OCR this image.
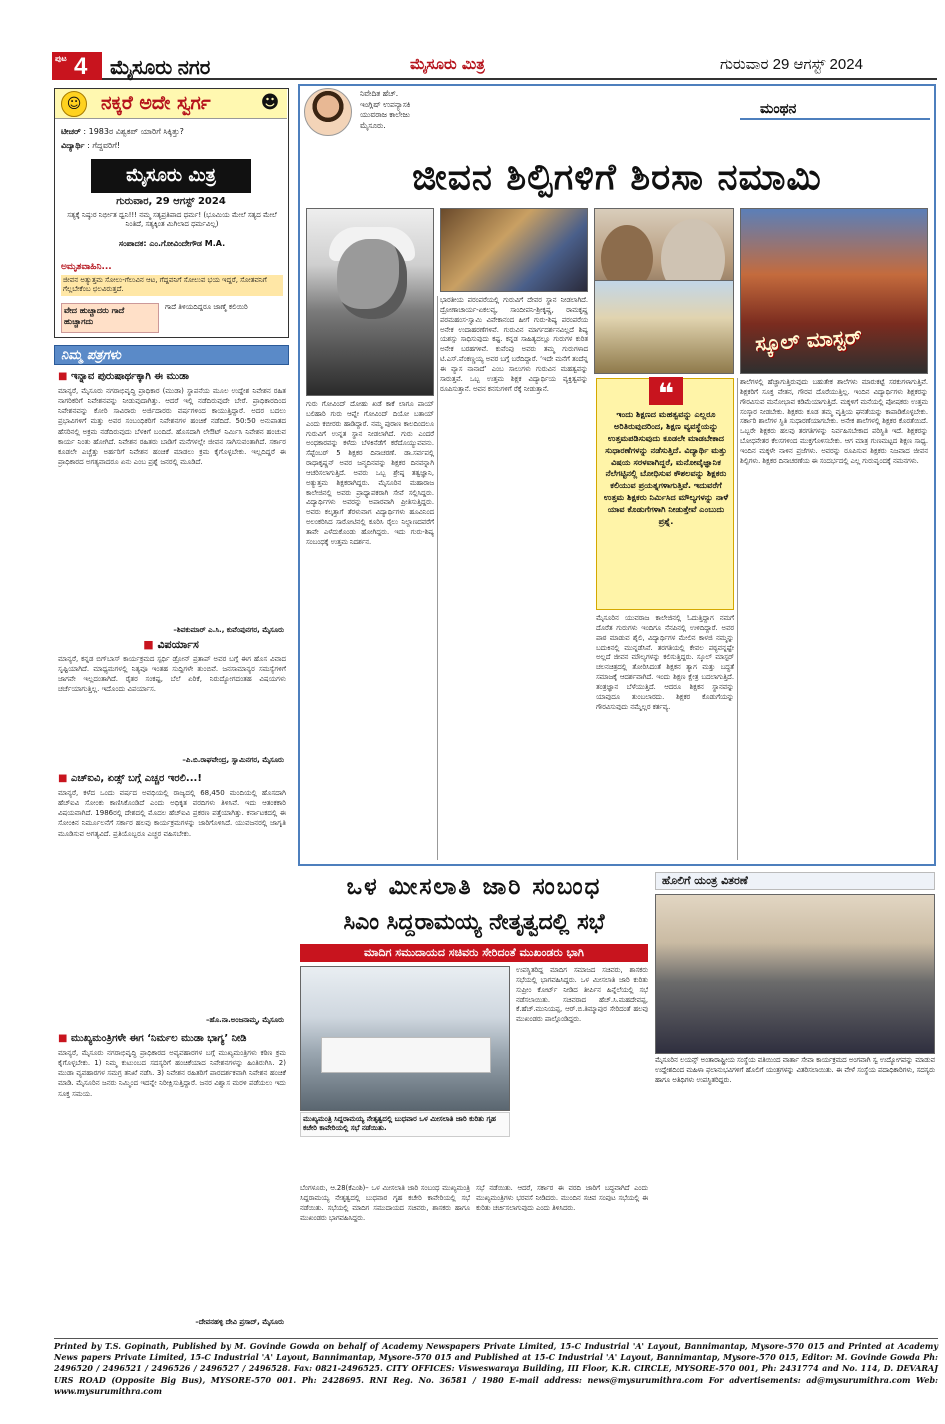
ಪುಟ 4 ಮೈಸೂರು ನಗರ	ಮೈಸೂರು ಮಿತ್ರ	ಗುರುವಾರ 29 ಆಗಸ್ಟ್ 2024
☺	ನಕ್ಕರೆ ಅದೇ ಸ್ವರ್ಗ	☻
ಟೀಚರ್ : 1983ರ ವಿಶ್ವಕಪ್ ಯಾರಿಗೆ ಸಿಕ್ಕಿತ್ತು?
ವಿದ್ಯಾರ್ಥಿ : ಗೆದ್ದವರಿಗೆ!
ಮೈಸೂರು ಮಿತ್ರ
ಗುರುವಾರ, 29 ಆಗಸ್ಟ್ 2024
ಸತ್ಯಕ್ಕೆ ನಿಷ್ಠುರ ನಿರ್ಭೀತ ಧ್ವನಿ!!! ನಮ್ಮ ಸತ್ಯಪ್ರತಿಪಾದ ಧರ್ಮ! (ಭೂಮಿಯ ಮೇಲೆ ಸತ್ಯದ ಮೇಲೆ ನಿಂತಿದೆ, ಸತ್ಯಕ್ಕಿಂತ ಮಿಗಿಲಾದ ಧರ್ಮವಿಲ್ಲ)
ಸಂಪಾದಕ: ಎಂ.ಗೋವಿಂದೇಗೌಡ M.A.
ಅಮೃತವಾಹಿನಿ...
ಜೀವನ ಅತ್ಯುತ್ತಮ ಸೋಲು-ಗೆಲುವಿನ ಆಟ, ಗೆದ್ದವನಿಗೆ ಸೋಲುವ ಭಯ ಇದ್ದರೆ, ಸೋತವನಿಗೆ ಗೆಲ್ಲಬೇಕೆಂಬ ಛಲವಿರುತ್ತದೆ.
ವೇದ ಹುಚ್ಚಾದರು ಗಾದೆ ಹುಚ್ಚಾಗದು
ಗಾದೆ ತಿಳಿಯದಿದ್ದರೂ ಜಾಣ್ಮೆ ಕಲಿಯಿರಿ
ನಿಮ್ಮ ಪತ್ರಗಳು
■ ಇನ್ನಾವ ಪುರುಷಾರ್ಥಕ್ಕಾಗಿ ಈ ಮುಡಾ
ಮಾನ್ಯರೆ, ಮೈಸೂರು ನಗರಾಭಿವೃದ್ಧಿ ಪ್ರಾಧಿಕಾರ (ಮುಡಾ) ಸ್ಥಾಪನೆಯ ಮೂಲ ಉದ್ದೇಶ ನಿವೇಶನ ರಹಿತ ನಾಗರಿಕರಿಗೆ ನಿವೇಶನವನ್ನು ನೀಡುವುದಾಗಿತ್ತು. ಆದರೆ ಇಲ್ಲಿ ನಡೆದಿರುವುದೇ ಬೇರೆ. ಪ್ರಾಧಿಕಾರದಿಂದ ನಿವೇಶನವನ್ನು ಕೋರಿ ಸಾವಿರಾರು ಅರ್ಜಿದಾರರು ವರ್ಷಗಳಿಂದ ಕಾಯುತ್ತಿದ್ದಾರೆ. ಅದರ ಬದಲು ಪ್ರಭಾವಿಗಳಿಗೆ ಮತ್ತು ಅವರ ಸಂಬಂಧಿಕರಿಗೆ ನಿವೇಶನಗಳ ಹಂಚಿಕೆ ನಡೆದಿದೆ. 50:50 ಅನುಪಾತದ ಹೆಸರಿನಲ್ಲಿ ಅಕ್ರಮ ನಡೆದಿರುವುದು ಬೆಳಕಿಗೆ ಬಂದಿದೆ. ಹೊಸದಾಗಿ ಲೇಔಟ್ ನಿರ್ಮಿಸಿ ನಿವೇಶನ ಹಂಚುವ ಕಾರ್ಯ ನಿಂತು ಹೋಗಿದೆ. ನಿವೇಶನ ರಹಿತರು ಬಾಡಿಗೆ ಮನೆಗಳಲ್ಲೇ ಜೀವನ ಸಾಗಿಸುವಂತಾಗಿದೆ. ಸರ್ಕಾರ ಕೂಡಲೇ ಎಚ್ಚೆತ್ತು ಅರ್ಹರಿಗೆ ನಿವೇಶನ ಹಂಚಿಕೆ ಮಾಡಲು ಕ್ರಮ ಕೈಗೊಳ್ಳಬೇಕು. ಇಲ್ಲದಿದ್ದರೆ ಈ ಪ್ರಾಧಿಕಾರದ ಅಗತ್ಯವಾದರೂ ಏನು ಎಂಬ ಪ್ರಶ್ನೆ ಜನರಲ್ಲಿ ಮೂಡಿದೆ.
–ಶಿವಕುಮಾರ್ ಎ.ಸಿ., ಕುವೆಂಪುನಗರ, ಮೈಸೂರು
■ ವಿಪರ್ಯಾಸ
ಮಾನ್ಯರೆ, ಕನ್ನಡ ಬಿಗ್‌ಬಾಸ್ ಕಾರ್ಯಕ್ರಮದ ಸ್ಪರ್ಧಿ ಡ್ರೋನ್ ಪ್ರತಾಪ್ ಅವರ ಬಗ್ಗೆ ಈಗ ಹೊಸ ವಿವಾದ ಸೃಷ್ಟಿಯಾಗಿದೆ. ಮಾಧ್ಯಮಗಳಲ್ಲಿ ನಿತ್ಯವೂ ಇಂತಹ ಸುದ್ದಿಗಳೇ ತುಂಬಿವೆ. ಜನಸಾಮಾನ್ಯರ ಸಮಸ್ಯೆಗಳಿಗೆ ಜಾಗವೇ ಇಲ್ಲದಂತಾಗಿದೆ. ರೈತರ ಸಂಕಷ್ಟ, ಬೆಲೆ ಏರಿಕೆ, ನಿರುದ್ಯೋಗದಂತಹ ವಿಷಯಗಳು ಚರ್ಚೆಯಾಗುತ್ತಿಲ್ಲ. ಇದೊಂದು ವಿಪರ್ಯಾಸ.
–ಪಿ.ಬಿ.ರಾಘವೇಂದ್ರ, ಸ್ವಾಮಿನಗರ, ಮೈಸೂರು
■ ಎಚ್‌ಐವಿ, ಏಡ್ಸ್ ಬಗ್ಗೆ ಎಚ್ಚರ ಇರಲಿ...!
ಮಾನ್ಯರೆ, ಕಳೆದ ಒಂದು ವರ್ಷದ ಅವಧಿಯಲ್ಲಿ ರಾಜ್ಯದಲ್ಲಿ 68,450 ಮಂದಿಯಲ್ಲಿ ಹೊಸದಾಗಿ ಹೆಚ್‌ಐವಿ ಸೋಂಕು ಕಾಣಿಸಿಕೊಂಡಿದೆ ಎಂದು ಅಧಿಕೃತ ವರದಿಗಳು ತಿಳಿಸಿವೆ. ಇದು ಆತಂಕಕಾರಿ ವಿಷಯವಾಗಿದೆ. 1986ರಲ್ಲಿ ದೇಶದಲ್ಲಿ ಮೊದಲ ಹೆಚ್‌ಐವಿ ಪ್ರಕರಣ ಪತ್ತೆಯಾಗಿತ್ತು. ಕರ್ನಾಟಕದಲ್ಲಿ ಈ ಸೋಂಕಿನ ನಿರ್ಮೂಲನೆಗೆ ಸರ್ಕಾರ ಹಲವು ಕಾರ್ಯಕ್ರಮಗಳನ್ನು ಜಾರಿಗೊಳಿಸಿದೆ. ಯುವಜನರಲ್ಲಿ ಜಾಗೃತಿ ಮೂಡಿಸುವ ಅಗತ್ಯವಿದೆ. ಪ್ರತಿಯೊಬ್ಬರೂ ಎಚ್ಚರ ವಹಿಸಬೇಕು.
–ಹೊ.ನಾ.ಅಂಜನಾಮ್ಮ, ಮೈಸೂರು
■ ಮುಖ್ಯಮಂತ್ರಿಗಳೇ ಈಗ ‘ನಿರ್ಮಲ ಮುಡಾ ಭಾಗ್ಯ’ ನೀಡಿ
ಮಾನ್ಯರೆ, ಮೈಸೂರು ನಗರಾಭಿವೃದ್ಧಿ ಪ್ರಾಧಿಕಾರದ ಅವ್ಯವಹಾರಗಳ ಬಗ್ಗೆ ಮುಖ್ಯಮಂತ್ರಿಗಳು ಕಠಿಣ ಕ್ರಮ ಕೈಗೊಳ್ಳಬೇಕು. 1) ನಿಮ್ಮ ಕುಟುಂಬದ ಸದಸ್ಯರಿಗೆ ಹಂಚಿಕೆಯಾದ ನಿವೇಶನಗಳನ್ನು ಹಿಂತಿರುಗಿಸಿ. 2) ಮುಡಾ ವ್ಯವಹಾರಗಳ ಸಮಗ್ರ ತನಿಖೆ ನಡೆಸಿ. 3) ನಿವೇಶನ ರಹಿತರಿಗೆ ಪಾರದರ್ಶಕವಾಗಿ ನಿವೇಶನ ಹಂಚಿಕೆ ಮಾಡಿ. ಮೈಸೂರಿನ ಜನರು ನಿಮ್ಮಿಂದ ಇದನ್ನೇ ನಿರೀಕ್ಷಿಸುತ್ತಿದ್ದಾರೆ. ಜನರ ವಿಶ್ವಾಸ ಮರಳಿ ಪಡೆಯಲು ಇದು ಸೂಕ್ತ ಸಮಯ.
–ದೇವನಹಳ್ಳಿ ದೇವಿ ಪ್ರಸಾದ್, ಮೈಸೂರು
ನಿವೇದಿತ ಹೆಚ್.
ಇಂಗ್ಲಿಷ್ ಉಪನ್ಯಾಸಕಿ
ಯುವರಾಜ ಕಾಲೇಜು
ಮೈಸೂರು.
ಮಂಥನ
ಜೀವನ ಶಿಲ್ಪಿಗಳಿಗೆ ಶಿರಸಾ ನಮಾಮಿ
ಸ್ಕೂಲ್ ಮಾಸ್ಟರ್
ಗುರು ಗೋವಿಂದ್ ದೋಹು ಖಡೆ ಕಾಕೆ ಲಾಗೂ ಪಾಯ್ ಬಲಿಹಾರಿ ಗುರು ಆಪ್ನೇ ಗೋವಿಂದ್ ದಿಯೋ ಬತಾಯ್ ಎಂದು ಕಬೀರರು ಹಾಡಿದ್ದಾರೆ. ನಮ್ಮ ಪುರಾಣ ಕಾಲದಿಂದಲೂ ಗುರುವಿಗೆ ಉನ್ನತ ಸ್ಥಾನ ನೀಡಲಾಗಿದೆ. ಗುರು ಎಂದರೆ ಅಂಧಕಾರವನ್ನು ಕಳೆದು ಬೆಳಕಿನೆಡೆಗೆ ಕರೆದೊಯ್ಯುವವನು. ಸೆಪ್ಟೆಂಬರ್ 5 ಶಿಕ್ಷಕರ ದಿನಾಚರಣೆ. ಡಾ.ಸರ್ವಪಲ್ಲಿ ರಾಧಾಕೃಷ್ಣನ್ ಅವರ ಜನ್ಮದಿನವನ್ನು ಶಿಕ್ಷಕರ ದಿನವನ್ನಾಗಿ ಆಚರಿಸಲಾಗುತ್ತಿದೆ. ಅವರು ಒಬ್ಬ ಶ್ರೇಷ್ಠ ತತ್ವಜ್ಞಾನಿ, ಅತ್ಯುತ್ತಮ ಶಿಕ್ಷಕರಾಗಿದ್ದರು. ಮೈಸೂರಿನ ಮಹಾರಾಜ ಕಾಲೇಜಿನಲ್ಲಿ ಅವರು ಪ್ರಾಧ್ಯಾಪಕರಾಗಿ ಸೇವೆ ಸಲ್ಲಿಸಿದ್ದರು. ವಿದ್ಯಾರ್ಥಿಗಳು ಅವರನ್ನು ಅಪಾರವಾಗಿ ಪ್ರೀತಿಸುತ್ತಿದ್ದರು. ಅವರು ಕಲ್ಕತ್ತಾಗೆ ತೆರಳುವಾಗ ವಿದ್ಯಾರ್ಥಿಗಳು ಹೂವಿನಿಂದ ಅಲಂಕರಿಸಿದ ಸಾರೋಟಿನಲ್ಲಿ ಕೂರಿಸಿ ರೈಲು ನಿಲ್ದಾಣದವರೆಗೆ ತಾವೇ ಎಳೆದುಕೊಂಡು ಹೋಗಿದ್ದರು. ಇದು ಗುರು-ಶಿಷ್ಯ ಸಂಬಂಧಕ್ಕೆ ಉತ್ತಮ ನಿದರ್ಶನ.
ಭಾರತೀಯ ಪರಂಪರೆಯಲ್ಲಿ ಗುರುವಿಗೆ ದೇವರ ಸ್ಥಾನ ನೀಡಲಾಗಿದೆ. ದ್ರೋಣಾಚಾರ್ಯ-ಏಕಲವ್ಯ, ಸಾಂದೀಪನಿ-ಶ್ರೀಕೃಷ್ಣ, ರಾಮಕೃಷ್ಣ ಪರಮಹಂಸ-ಸ್ವಾಮಿ ವಿವೇಕಾನಂದ ಹೀಗೆ ಗುರು-ಶಿಷ್ಯ ಪರಂಪರೆಯ ಅನೇಕ ಉದಾಹರಣೆಗಳಿವೆ. ಗುರುವಿನ ಮಾರ್ಗದರ್ಶನವಿಲ್ಲದೆ ಶಿಷ್ಯ ಯಶಸ್ಸು ಸಾಧಿಸುವುದು ಕಷ್ಟ. ಕನ್ನಡ ಸಾಹಿತ್ಯದಲ್ಲೂ ಗುರುಗಳ ಕುರಿತ ಅನೇಕ ಬರಹಗಳಿವೆ. ಕುವೆಂಪು ಅವರು ತಮ್ಮ ಗುರುಗಳಾದ ಟಿ.ಎಸ್.ವೆಂಕಣ್ಣಯ್ಯ ಅವರ ಬಗ್ಗೆ ಬರೆದಿದ್ದಾರೆ. ‘ಇದೇ ಮನೆಗೆ ತಂದೆನ್ನ ಈ ವ್ಯಾಸ ನಾನಾದೆ’ ಎಂಬ ಸಾಲುಗಳು ಗುರುವಿನ ಮಹತ್ವವನ್ನು ಸಾರುತ್ತವೆ. ಒಬ್ಬ ಉತ್ತಮ ಶಿಕ್ಷಕ ವಿದ್ಯಾರ್ಥಿಯ ವ್ಯಕ್ತಿತ್ವವನ್ನು ರೂಪಿಸುತ್ತಾನೆ. ಅವನ ಕನಸುಗಳಿಗೆ ರೆಕ್ಕೆ ನೀಡುತ್ತಾನೆ.	❝
ಇಂದು ಶಿಕ್ಷಣದ ಮಹತ್ವವನ್ನು ಎಲ್ಲರೂ ಅರಿತಿರುವುದರಿಂದ, ಶಿಕ್ಷಣ ವ್ಯವಸ್ಥೆಯನ್ನು ಉತ್ತಮಪಡಿಸುವುದು ಕೂಡಲೇ ಮಾಡಬೇಕಾದ ಸುಧಾರಣೆಗಳನ್ನು ನಡೆಸುತ್ತಿದೆ. ವಿದ್ಯಾರ್ಥಿ ಮತ್ತು ವಿಷಯ ಸರಳವಾಗಿದ್ದರೆ, ಮನೋವೈಜ್ಞಾನಿಕ ನೆಲೆಗಟ್ಟಿನಲ್ಲಿ ಬೋಧಿಸುವ ಕೌಶಲವನ್ನು ಶಿಕ್ಷಕರು ಕಲಿಯುವ ಪ್ರಯತ್ನಗಳಾಗುತ್ತಿವೆ. ಇದುವರೆಗೆ ಉತ್ತಮ ಶಿಕ್ಷಕರು ನಿರ್ಮಿಸಿದ ಮೌಲ್ಯಗಳನ್ನು ನಾಳೆ ಯಾವ ಕೊಡುಗೆಗಳಾಗಿ ನೀಡುತ್ತೇವೆ ಎಂಬುದು ಪ್ರಶ್ನೆ.
ಮೈಸೂರಿನ ಯುವರಾಜ ಕಾಲೇಜಿನಲ್ಲಿ ಓದುತ್ತಿದ್ದಾಗ ನಮಗೆ ದೊರೆತ ಗುರುಗಳು ಇಂದಿಗೂ ನೆನಪಿನಲ್ಲಿ ಉಳಿದಿದ್ದಾರೆ. ಅವರ ಪಾಠ ಮಾಡುವ ಶೈಲಿ, ವಿದ್ಯಾರ್ಥಿಗಳ ಮೇಲಿನ ಕಾಳಜಿ ನಮ್ಮನ್ನು ಬದುಕಿನಲ್ಲಿ ಮುನ್ನಡೆಸಿವೆ. ತರಗತಿಯಲ್ಲಿ ಕೇವಲ ಪಠ್ಯವನ್ನಷ್ಟೇ ಅಲ್ಲದೆ ಜೀವನ ಮೌಲ್ಯಗಳನ್ನು ಕಲಿಸುತ್ತಿದ್ದರು. ಸ್ಕೂಲ್ ಮಾಸ್ಟರ್ ಚಲನಚಿತ್ರದಲ್ಲಿ ತೋರಿಸಿದಂತೆ ಶಿಕ್ಷಕನ ತ್ಯಾಗ ಮತ್ತು ಬದ್ಧತೆ ಸಮಾಜಕ್ಕೆ ಆದರ್ಶವಾಗಿದೆ. ಇಂದು ಶಿಕ್ಷಣ ಕ್ಷೇತ್ರ ಬದಲಾಗುತ್ತಿದೆ. ತಂತ್ರಜ್ಞಾನ ಬೆಳೆಯುತ್ತಿದೆ. ಆದರೂ ಶಿಕ್ಷಕನ ಸ್ಥಾನವನ್ನು ಯಾವುದೂ ತುಂಬಲಾರದು. ಶಿಕ್ಷಕರ ಕೊಡುಗೆಯನ್ನು ಗೌರವಿಸುವುದು ನಮ್ಮೆಲ್ಲರ ಕರ್ತವ್ಯ.
ಶಾಲೆಗಳಲ್ಲಿ ಹೆಚ್ಚಾಗುತ್ತಿರುವುದು ಬಹುತೇಕ ಶಾಲೆಗಳು ಮಾರುಕಟ್ಟೆ ಸರಕುಗಳಾಗುತ್ತಿವೆ. ಶಿಕ್ಷಕರಿಗೆ ಸೂಕ್ತ ವೇತನ, ಗೌರವ ದೊರೆಯುತ್ತಿಲ್ಲ. ಇಂದಿನ ವಿದ್ಯಾರ್ಥಿಗಳು ಶಿಕ್ಷಕರನ್ನು ಗೌರವಿಸುವ ಮನೋಭಾವ ಕಡಿಮೆಯಾಗುತ್ತಿದೆ. ಮಕ್ಕಳಿಗೆ ಮನೆಯಲ್ಲಿ ಪೋಷಕರು ಉತ್ತಮ ಸಂಸ್ಕಾರ ನೀಡಬೇಕು. ಶಿಕ್ಷಕರು ಕೂಡ ತಮ್ಮ ವೃತ್ತಿಯ ಘನತೆಯನ್ನು ಕಾಪಾಡಿಕೊಳ್ಳಬೇಕು. ಸರ್ಕಾರಿ ಶಾಲೆಗಳ ಸ್ಥಿತಿ ಸುಧಾರಣೆಯಾಗಬೇಕು. ಅನೇಕ ಶಾಲೆಗಳಲ್ಲಿ ಶಿಕ್ಷಕರ ಕೊರತೆಯಿದೆ. ಒಬ್ಬರೇ ಶಿಕ್ಷಕರು ಹಲವು ತರಗತಿಗಳನ್ನು ನಿರ್ವಹಿಸಬೇಕಾದ ಪರಿಸ್ಥಿತಿ ಇದೆ. ಶಿಕ್ಷಕರನ್ನು ಬೋಧನೇತರ ಕೆಲಸಗಳಿಂದ ಮುಕ್ತಗೊಳಿಸಬೇಕು. ಆಗ ಮಾತ್ರ ಗುಣಮಟ್ಟದ ಶಿಕ್ಷಣ ಸಾಧ್ಯ. ಇಂದಿನ ಮಕ್ಕಳೇ ನಾಳಿನ ಪ್ರಜೆಗಳು. ಅವರನ್ನು ರೂಪಿಸುವ ಶಿಕ್ಷಕರು ನಿಜವಾದ ಜೀವನ ಶಿಲ್ಪಿಗಳು. ಶಿಕ್ಷಕರ ದಿನಾಚರಣೆಯ ಈ ಸಂದರ್ಭದಲ್ಲಿ ಎಲ್ಲ ಗುರುವೃಂದಕ್ಕೆ ನಮನಗಳು.
ಒಳ ಮೀಸಲಾತಿ ಜಾರಿ ಸಂಬಂಧ
ಸಿಎಂ ಸಿದ್ದರಾಮಯ್ಯ ನೇತೃತ್ವದಲ್ಲಿ ಸಭೆ
ಮಾದಿಗ ಸಮುದಾಯದ ಸಚಿವರು ಸೇರಿದಂತೆ ಮುಖಂಡರು ಭಾಗಿ
ಮುಖ್ಯಮಂತ್ರಿ ಸಿದ್ದರಾಮಯ್ಯ ನೇತೃತ್ವದಲ್ಲಿ ಬುಧವಾರ ಒಳ ಮೀಸಲಾತಿ ಜಾರಿ ಕುರಿತು ಗೃಹ ಕಚೇರಿ ಕಾವೇರಿಯಲ್ಲಿ ಸಭೆ ನಡೆಯಿತು.
ಉಪಸ್ಥಿತರಿದ್ದ ಮಾದಿಗ ಸಮಾಜದ ಸಚಿವರು, ಶಾಸಕರು ಸಭೆಯಲ್ಲಿ ಭಾಗವಹಿಸಿದ್ದರು. ಒಳ ಮೀಸಲಾತಿ ಜಾರಿ ಕುರಿತು ಸುಪ್ರೀಂ ಕೋರ್ಟ್ ನೀಡಿದ ತೀರ್ಪಿನ ಹಿನ್ನೆಲೆಯಲ್ಲಿ ಸಭೆ ನಡೆಸಲಾಯಿತು. ಸಚಿವರಾದ ಹೆಚ್.ಸಿ.ಮಹದೇವಪ್ಪ, ಕೆ.ಹೆಚ್.ಮುನಿಯಪ್ಪ, ಆರ್.ಬಿ.ತಿಮ್ಮಾಪುರ ಸೇರಿದಂತೆ ಹಲವು ಮುಖಂಡರು ಪಾಲ್ಗೊಂಡಿದ್ದರು.
ಬೆಂಗಳೂರು, ಆ.28(ಕೆಎಂಶಿ)– ಒಳ ಮೀಸಲಾತಿ ಜಾರಿ ಸಂಬಂಧ ಮುಖ್ಯಮಂತ್ರಿ ಸಿದ್ದರಾಮಯ್ಯ ನೇತೃತ್ವದಲ್ಲಿ ಬುಧವಾರ ಗೃಹ ಕಚೇರಿ ಕಾವೇರಿಯಲ್ಲಿ ಸಭೆ ನಡೆಯಿತು. ಸಭೆಯಲ್ಲಿ ಮಾದಿಗ ಸಮುದಾಯದ ಸಚಿವರು, ಶಾಸಕರು ಹಾಗೂ ಮುಖಂಡರು ಭಾಗವಹಿಸಿದ್ದರು.
ಸಭೆ ನಡೆಯಿತು. ಆದರೆ, ಸರ್ಕಾರ ಈ ವರದಿ ಜಾರಿಗೆ ಬದ್ಧವಾಗಿದೆ ಎಂದು ಮುಖ್ಯಮಂತ್ರಿಗಳು ಭರವಸೆ ನೀಡಿದರು. ಮುಂದಿನ ಸಚಿವ ಸಂಪುಟ ಸಭೆಯಲ್ಲಿ ಈ ಕುರಿತು ಚರ್ಚಿಸಲಾಗುವುದು ಎಂದು ತಿಳಿಸಿದರು.
ಹೊಲಿಗೆ ಯಂತ್ರ ವಿತರಣೆ
ಮೈಸೂರಿನ ಲಯನ್ಸ್ ಅಂತಾರಾಷ್ಟ್ರೀಯ ಸಂಸ್ಥೆಯ ವತಿಯಿಂದ ವಾರ್ತಾ ಸೇವಾ ಕಾರ್ಯಕ್ರಮದ ಅಂಗವಾಗಿ ಸ್ವ ಉದ್ಯೋಗವನ್ನು ಮಾಡುವ ಉದ್ದೇಶದಿಂದ ಮಹಿಳಾ ಫಲಾನುಭವಿಗಳಿಗೆ ಹೊಲಿಗೆ ಯಂತ್ರಗಳನ್ನು ವಿತರಿಸಲಾಯಿತು. ಈ ವೇಳೆ ಸಂಸ್ಥೆಯ ಪದಾಧಿಕಾರಿಗಳು, ಸದಸ್ಯರು ಹಾಗೂ ಅತಿಥಿಗಳು ಉಪಸ್ಥಿತರಿದ್ದರು.
Printed by T.S. Gopinath, Published by M. Govinde Gowda on behalf of Academy Newspapers Private Limited, 15-C Industrial 'A' Layout, Bannimantap, Mysore-570 015 and Printed at Academy News papers Private Limited, 15-C Industrial 'A' Layout, Bannimantap, Mysore-570 015 and Published at 15-C Industrial 'A' Layout, Bannimantap, Mysore-570 015, Editor: M. Govinde Gowda Ph: 2496520 / 2496521 / 2496526 / 2496527 / 2496528. Fax: 0821-2496525. CITY OFFICES: Visweswaraya Building, III Floor, K.R. CIRCLE, MYSORE-570 001, Ph: 2431774 and No. 114, D. DEVARAJ URS ROAD (Opposite Big Bus), MYSORE-570 001. Ph: 2428695. RNI Reg. No. 36581 / 1980 E-mail address: news@mysurumithra.com For advertisements: ad@mysurumithra.com Web: www.mysurumithra.com
